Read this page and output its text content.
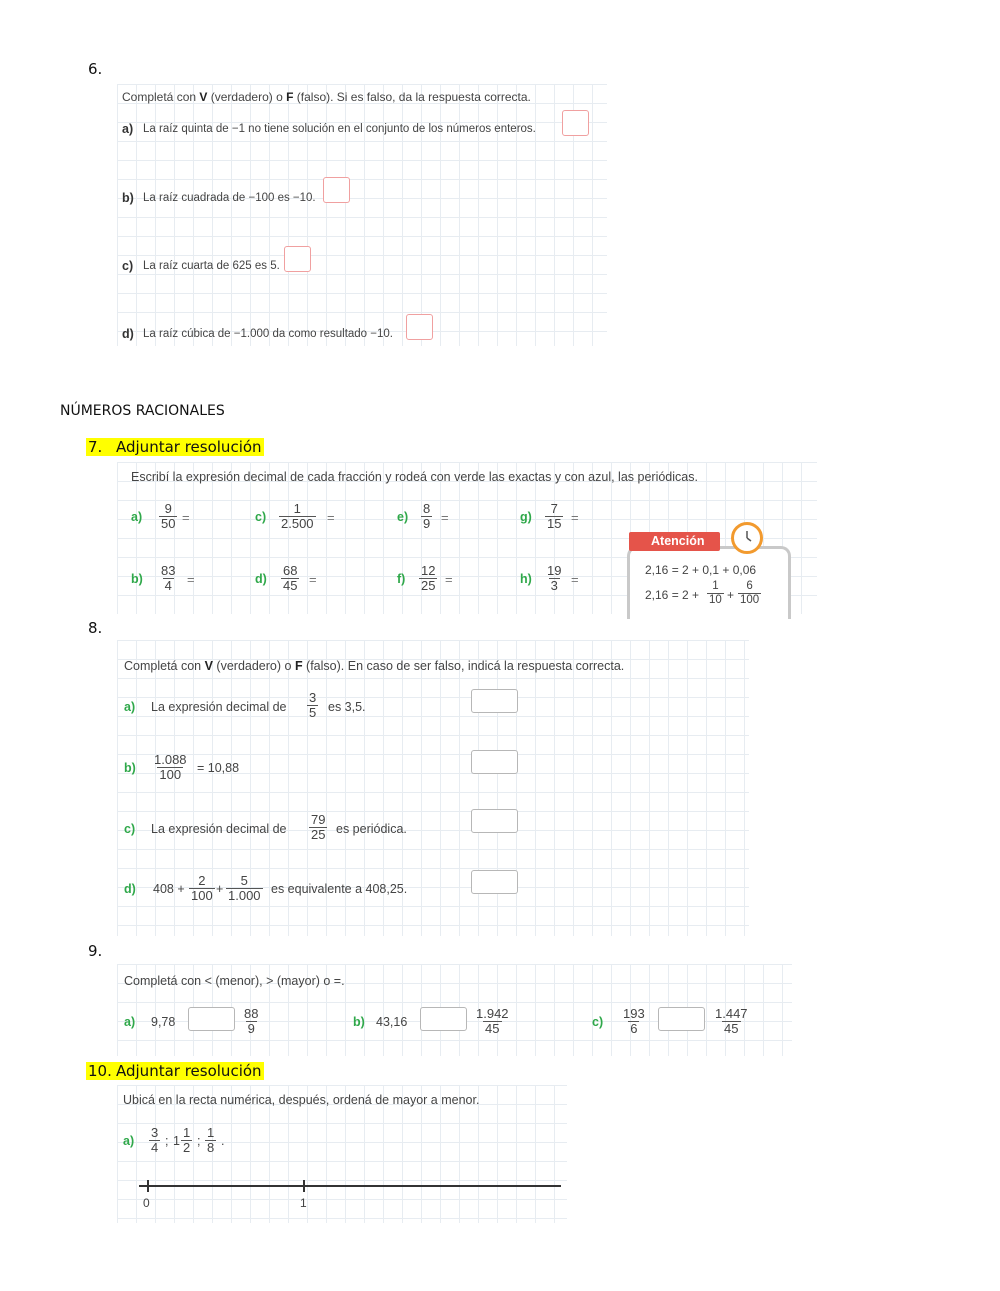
6.
Completá con V (verdadero) o F (falso). Si es falso, da la respuesta correcta.
a) La raíz quinta de −1 no tiene solución en el conjunto de los números enteros.
b) La raíz cuadrada de −100 es −10.
c) La raíz cuarta de 625 es 5.
d) La raíz cúbica de −1.000 da como resultado −10.
NÚMEROS RACIONALES
7. Adjuntar resolución
Escribí la expresión decimal de cada fracción y rodeá con verde las exactas y con azul, las periódicas.
$a) \frac{9}{50}$ =	$c) \frac{1}{2.500}$ =	$e) \frac{8}{9}$ =	$g) \frac{7}{15}$ =
$b) \frac{83}{4}$ =	$d) \frac{68}{45}$ =	$f) \frac{12}{25}$ =	$h) \frac{19}{3}$ =
Atención
2,16 = 2 + 0,1 + 0,06
$2,16 = 2 + \frac{1}{10} + \frac{6}{100}$
8.
Completá con V (verdadero) o F (falso). En caso de ser falso, indicá la respuesta correcta.
a) La expresión decimal de $\frac{3}{5}$ es 3,5.
$b) \frac{1.088}{100} = 10,88$
c) La expresión decimal de $\frac{79}{25}$ es periódica.
d) $408 + \frac{2}{100} + \frac{5}{1.000}$ es equivalente a 408,25.
9.
Completá con < (menor), > (mayor) o =.
a) 9,78	$\frac{88}{9}$	b) 43,16	$\frac{1.942}{45}$	$c) \frac{193}{6}$	$\frac{1.447}{45}$
10. Adjuntar resolución
Ubicá en la recta numérica, después, ordená de mayor a menor.
$a) \frac{3}{4}$ ; $1 \frac{1}{2}$ ; $\frac{1}{8}$ .
0	1
